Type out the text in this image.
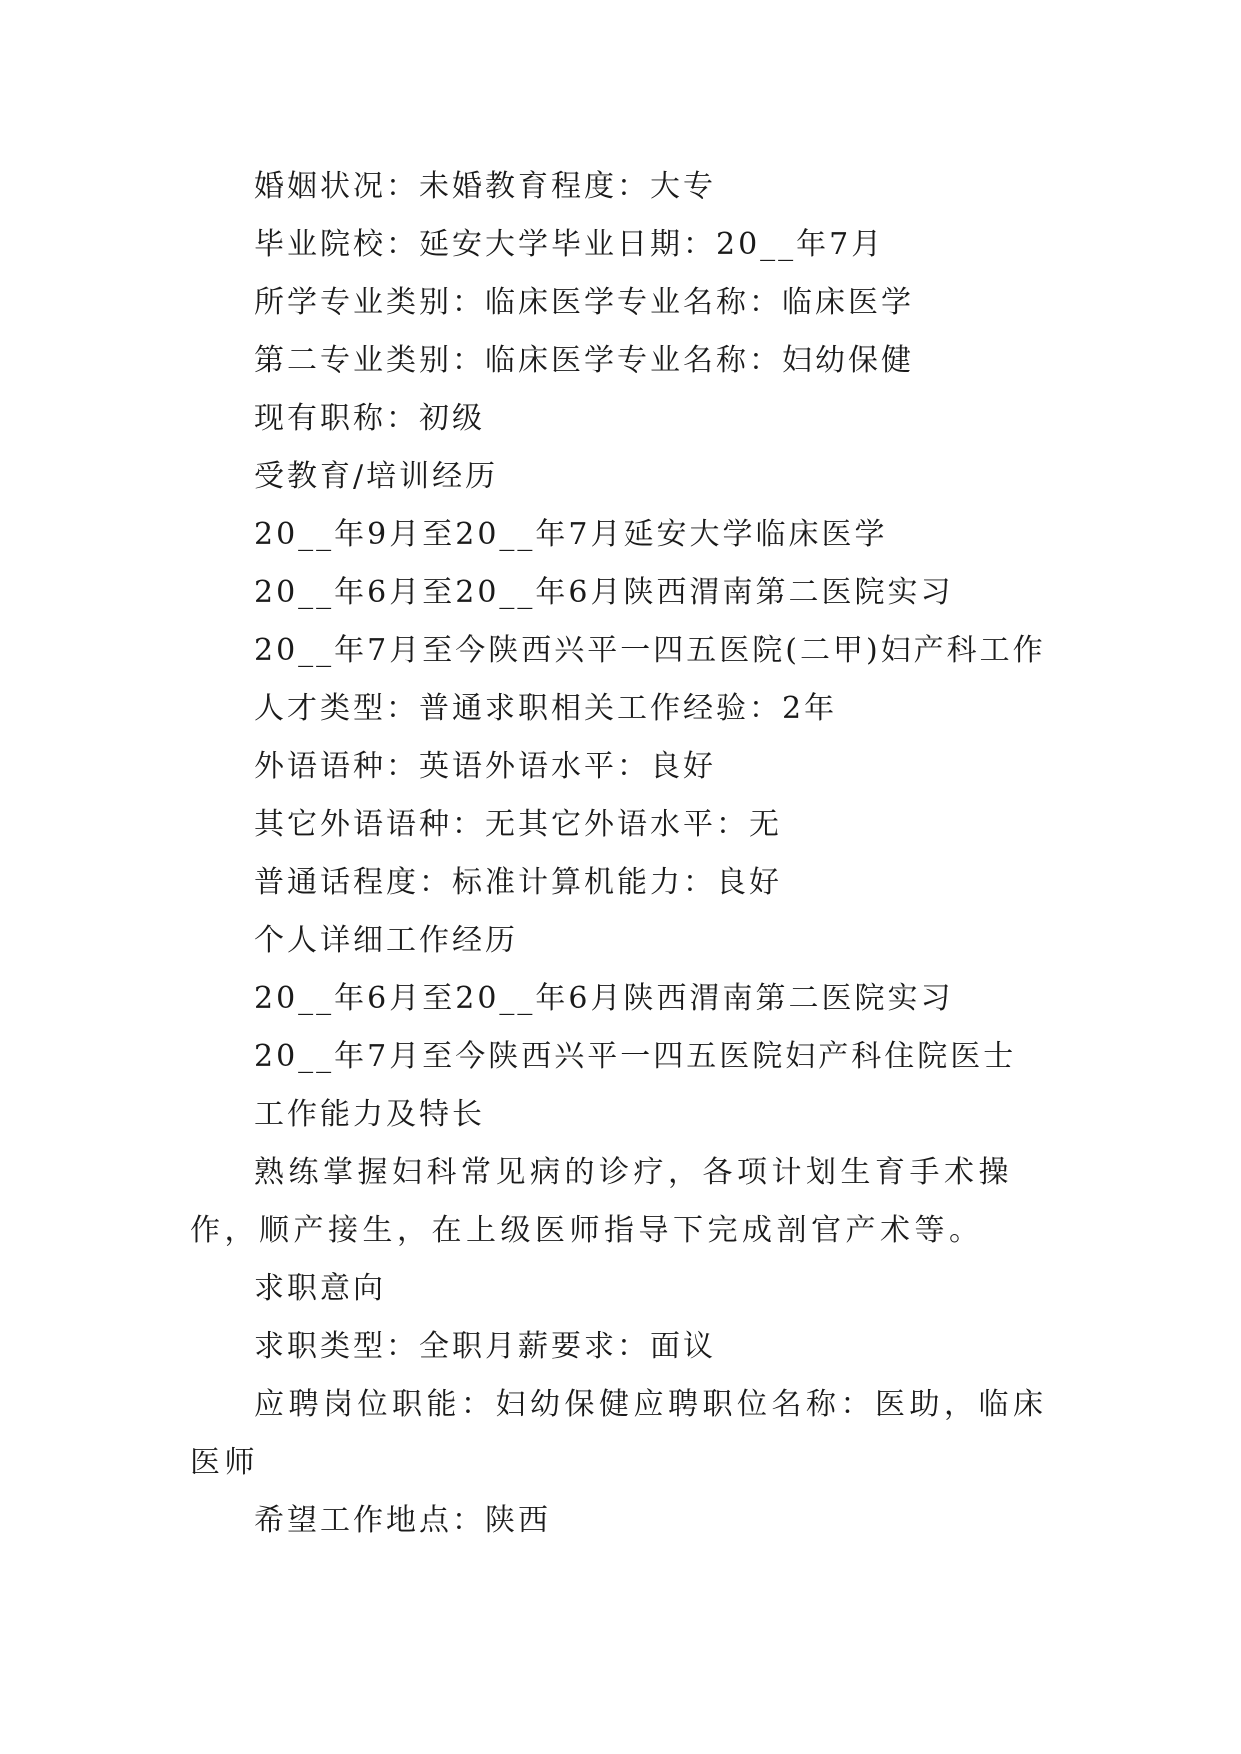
婚姻状况：未婚教育程度：大专

毕业院校：延安大学毕业日期：20__年7月

所学专业类别：临床医学专业名称：临床医学

第二专业类别：临床医学专业名称：妇幼保健

现有职称：初级

受教育/培训经历

20__年9月至20__年7月延安大学临床医学

20__年6月至20__年6月陕西渭南第二医院实习

20__年7月至今陕西兴平一四五医院(二甲)妇产科工作

人才类型：普通求职相关工作经验：2年

外语语种：英语外语水平：良好

其它外语语种：无其它外语水平：无

普通话程度：标准计算机能力：良好

个人详细工作经历

20__年6月至20__年6月陕西渭南第二医院实习

20__年7月至今陕西兴平一四五医院妇产科住院医士

工作能力及特长

熟练掌握妇科常见病的诊疗，各项计划生育手术操作，顺产接生，在上级医师指导下完成剖官产术等。

求职意向

求职类型：全职月薪要求：面议

应聘岗位职能：妇幼保健应聘职位名称：医助，临床医师

希望工作地点：陕西
